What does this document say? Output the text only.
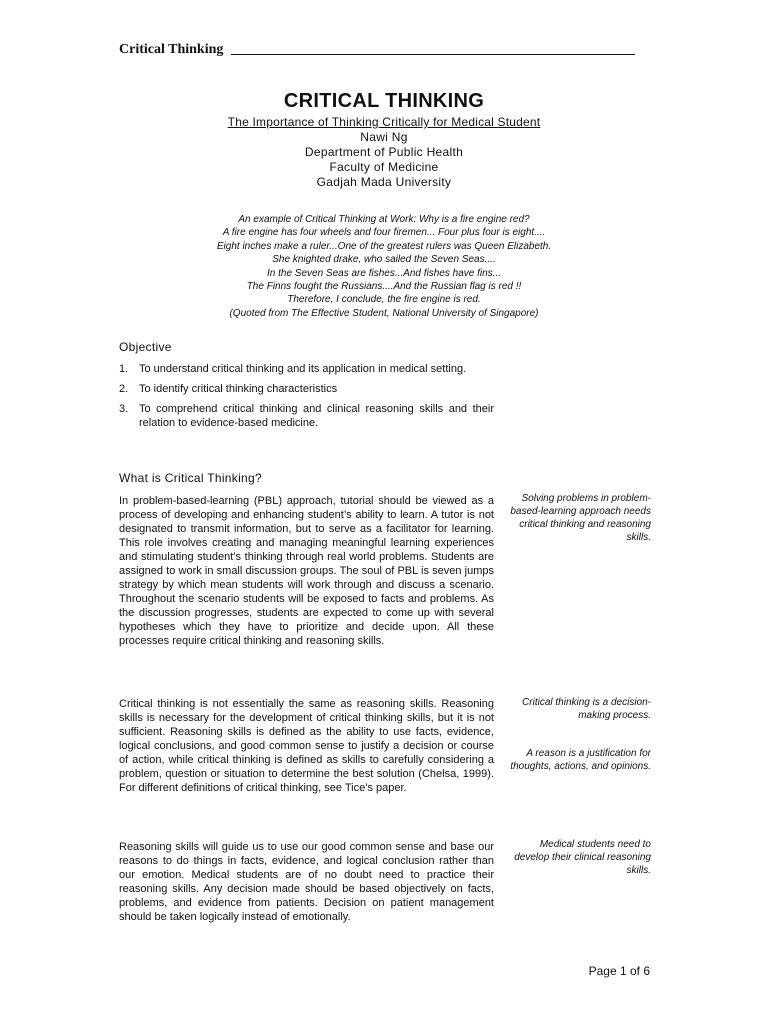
Critical Thinking
CRITICAL THINKING
The Importance of Thinking Critically for Medical Student
Nawi Ng
Department of Public Health
Faculty of Medicine
Gadjah Mada University
An example of Critical Thinking at Work: Why is a fire engine red?
A fire engine has four wheels and four firemen... Four plus four is eight....
Eight inches make a ruler...One of the greatest rulers was Queen Elizabeth.
She knighted drake, who sailed the Seven Seas....
In the Seven Seas are fishes...And fishes have fins...
The Finns fought the Russians....And the Russian flag is red !!
Therefore, I conclude, the fire engine is red.
(Quoted from The Effective Student, National University of Singapore)
Objective
1. To understand critical thinking and its application in medical setting.
2. To identify critical thinking characteristics
3. To comprehend critical thinking and clinical reasoning skills and their relation to evidence-based medicine.
What is Critical Thinking?

In problem-based-learning (PBL) approach, tutorial should be viewed as a process of developing and enhancing student’s ability to learn. A tutor is not designated to transmit information, but to serve as a facilitator for learning. This role involves creating and managing meaningful learning experiences and stimulating student’s thinking through real world problems. Students are assigned to work in small discussion groups. The soul of PBL is seven jumps strategy by which mean students will work through and discuss a scenario. Throughout the scenario students will be exposed to facts and problems. As the discussion progresses, students are expected to come up with several hypotheses which they have to prioritize and decide upon. All these processes require critical thinking and reasoning skills.

Solving problems in problem-based-learning approach needs critical thinking and reasoning skills.

Critical thinking is not essentially the same as reasoning skills. Reasoning skills is necessary for the development of critical thinking skills, but it is not sufficient. Reasoning skills is defined as the ability to use facts, evidence, logical conclusions, and good common sense to justify a decision or course of action, while critical thinking is defined as skills to carefully considering a problem, question or situation to determine the best solution (Chelsa, 1999). For different definitions of critical thinking, see Tice’s paper.

Critical thinking is a decision-making process.

A reason is a justification for thoughts, actions, and opinions.

Reasoning skills will guide us to use our good common sense and base our reasons to do things in facts, evidence, and logical conclusion rather than our emotion. Medical students are of no doubt need to practice their reasoning skills. Any decision made should be based objectively on facts, problems, and evidence from patients. Decision on patient management should be taken logically instead of emotionally.

Medical students need to develop their clinical reasoning skills.

Page 1 of 6
